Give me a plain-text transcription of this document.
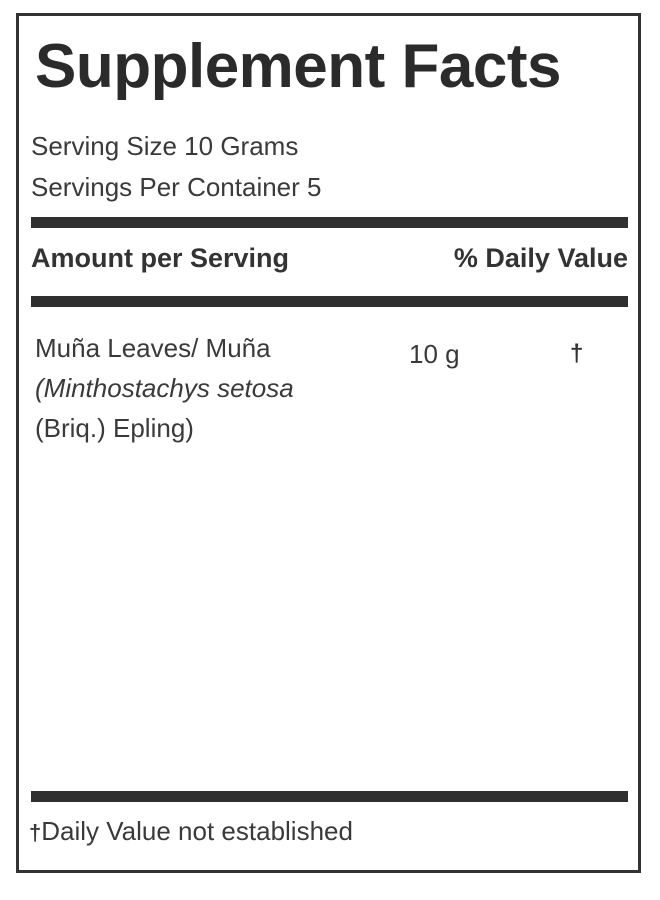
Supplement Facts
Serving Size 10 Grams
Servings Per Container 5
Amount per Serving	% Daily Value
Muña Leaves/ Muña
(Minthostachys setosa
(Briq.) Epling)
10 g	†
†Daily Value not established
